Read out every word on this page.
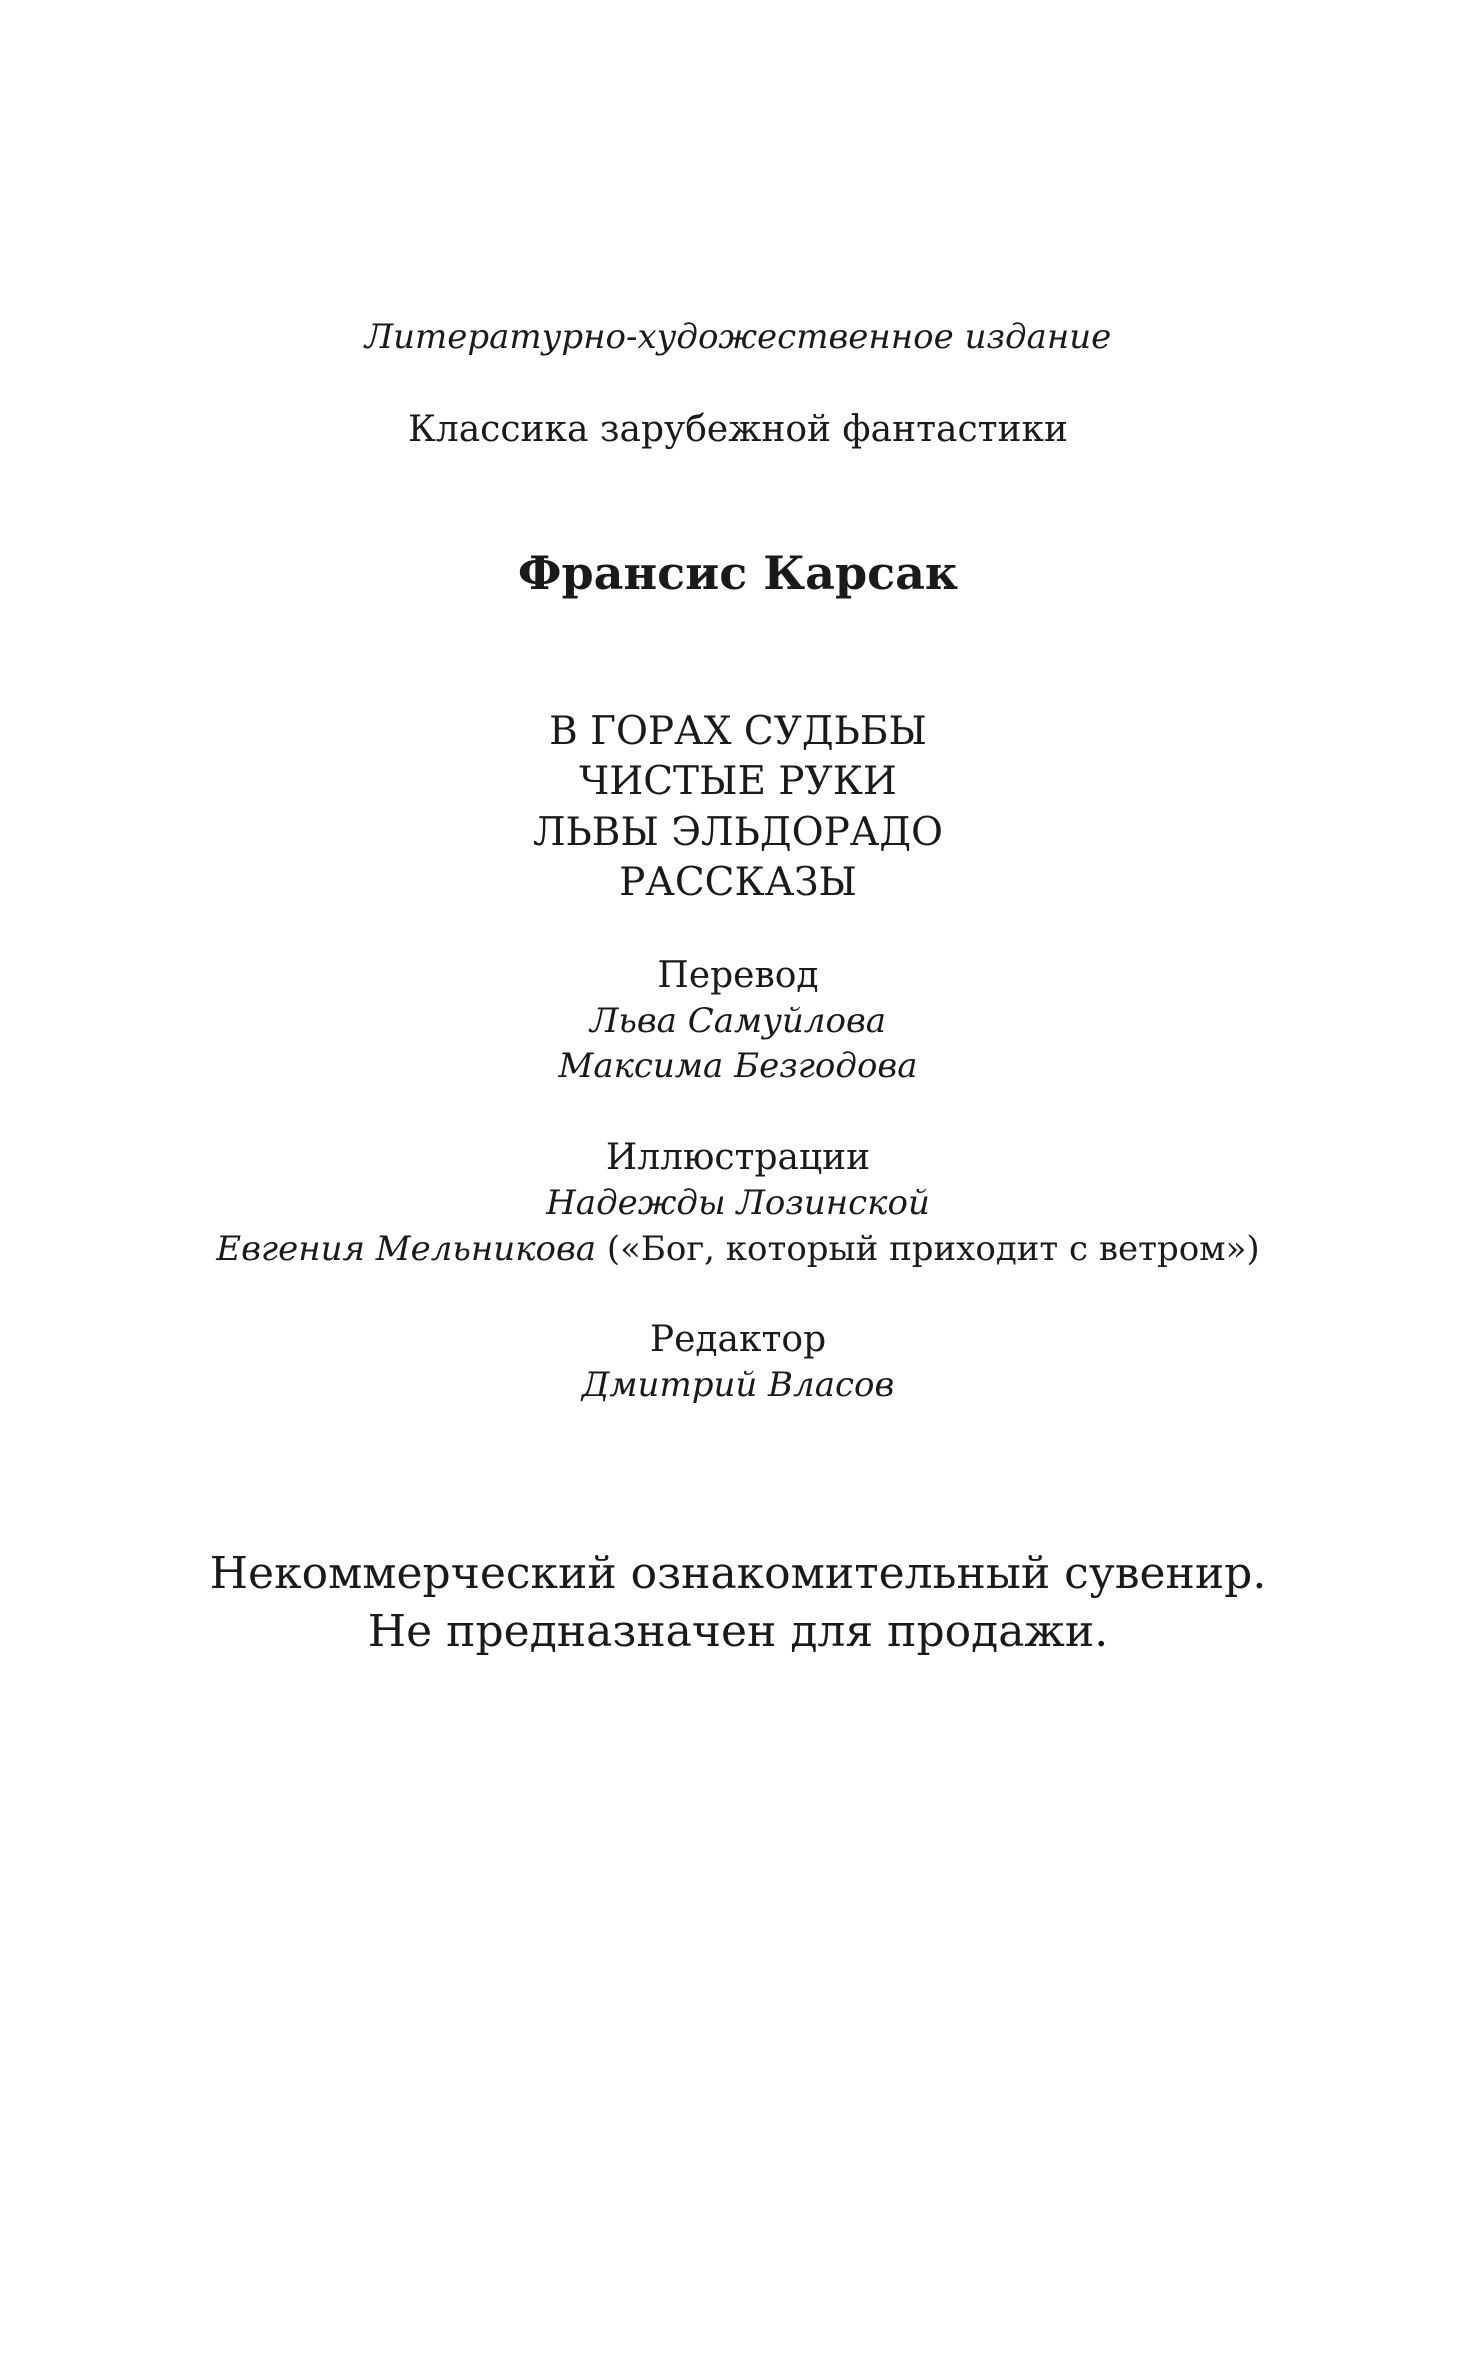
Литературно-художественное издание
Классика зарубежной фантастики
Франсис Карсак
В ГОРАХ СУДЬБЫ
ЧИСТЫЕ РУКИ
ЛЬВЫ ЭЛЬДОРАДО
РАССКАЗЫ
Перевод
Льва Самуйлова
Максима Безгодова
Иллюстрации
Надежды Лозинской
Евгения Мельникова («Бог, который приходит с ветром»)
Редактор
Дмитрий Власов
Некоммерческий ознакомительный сувенир.
Не предназначен для продажи.
